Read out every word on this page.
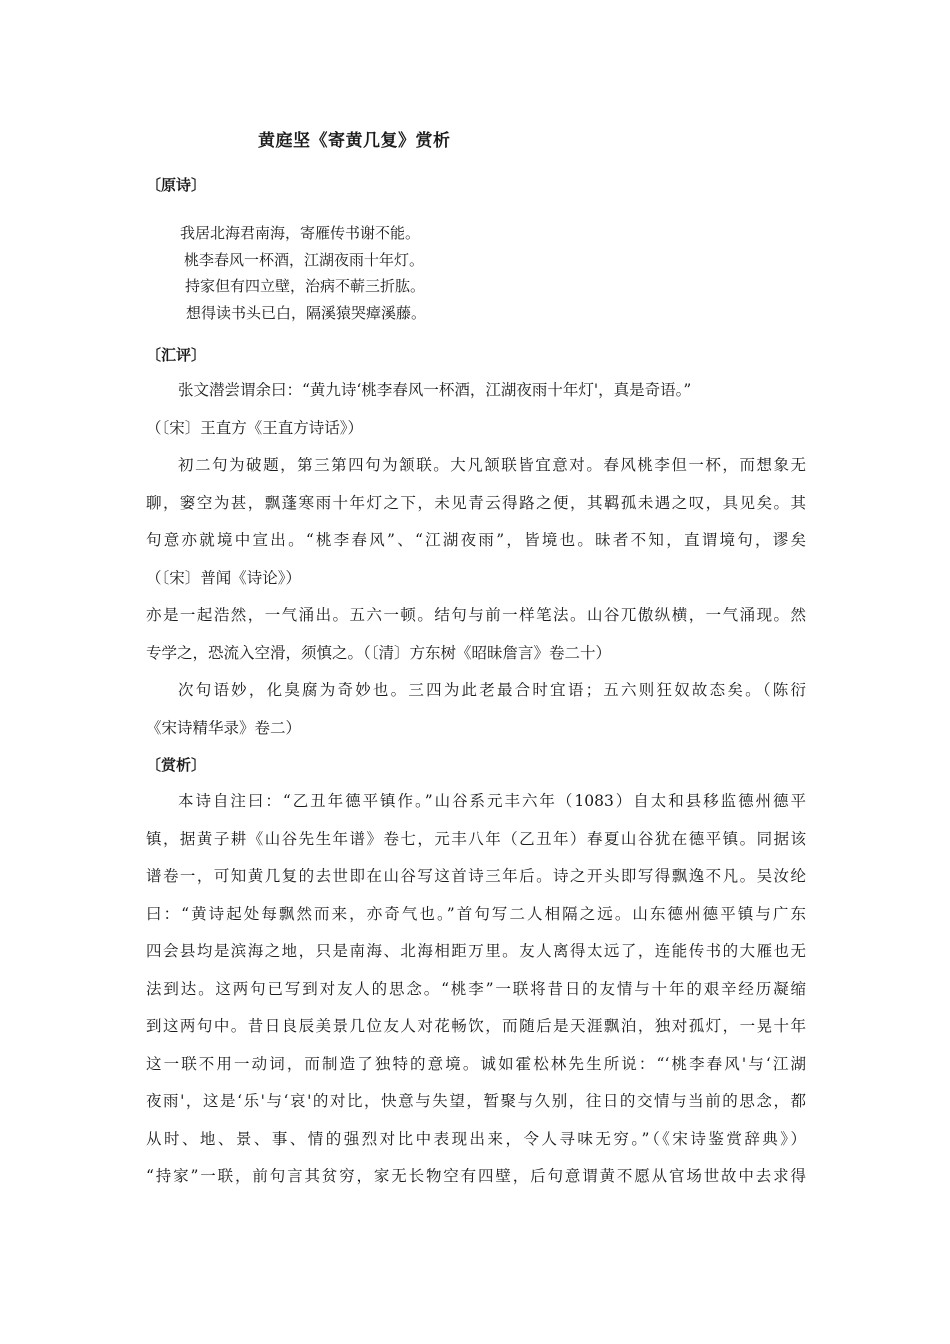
黄庭坚《寄黄几复》赏析
〔原诗〕
我居北海君南海，寄雁传书谢不能。
桃李春风一杯酒，江湖夜雨十年灯。
持家但有四立壁，治病不蕲三折肱。
想得读书头已白，隔溪猿哭瘴溪藤。
〔汇评〕
张文潜尝谓余曰：“黄九诗‘桃李春风一杯酒，江湖夜雨十年灯'，真是奇语。”
（〔宋〕王直方《王直方诗话》）
初二句为破题，第三第四句为颔联。大凡颔联皆宜意对。春风桃李但一杯，而想象无
聊，窭空为甚，飘蓬寒雨十年灯之下，未见青云得路之便，其羁孤未遇之叹，具见矣。其
句意亦就境中宣出。“桃李春风”、“江湖夜雨”，皆境也。昧者不知，直谓境句，谬矣
（〔宋〕普闻《诗论》）
亦是一起浩然，一气涌出。五六一顿。结句与前一样笔法。山谷兀傲纵横，一气涌现。然
专学之，恐流入空滑，须慎之。（〔清〕方东树《昭昧詹言》卷二十）
次句语妙，化臭腐为奇妙也。三四为此老最合时宜语；五六则狂奴故态矣。（陈衍
《宋诗精华录》卷二）
〔赏析〕
本诗自注曰：“乙丑年德平镇作。”山谷系元丰六年（1083）自太和县移监德州德平
镇，据黄子耕《山谷先生年谱》卷七，元丰八年（乙丑年）春夏山谷犹在德平镇。同据该
谱卷一，可知黄几复的去世即在山谷写这首诗三年后。诗之开头即写得飘逸不凡。吴汝纶
曰：“黄诗起处每飘然而来，亦奇气也。”首句写二人相隔之远。山东德州德平镇与广东
四会县均是滨海之地，只是南海、北海相距万里。友人离得太远了，连能传书的大雁也无
法到达。这两句已写到对友人的思念。“桃李”一联将昔日的友情与十年的艰辛经历凝缩
到这两句中。昔日良辰美景几位友人对花畅饮，而随后是天涯飘泊，独对孤灯，一晃十年
这一联不用一动词，而制造了独特的意境。诚如霍松林先生所说：“‘桃李春风'与‘江湖
夜雨'，这是‘乐'与‘哀'的对比，快意与失望，暂聚与久别，往日的交情与当前的思念，都
从时、地、景、事、情的强烈对比中表现出来，令人寻味无穷。”（《宋诗鉴赏辞典》）
“持家”一联，前句言其贫穷，家无长物空有四壁，后句意谓黄不愿从官场世故中去求得
